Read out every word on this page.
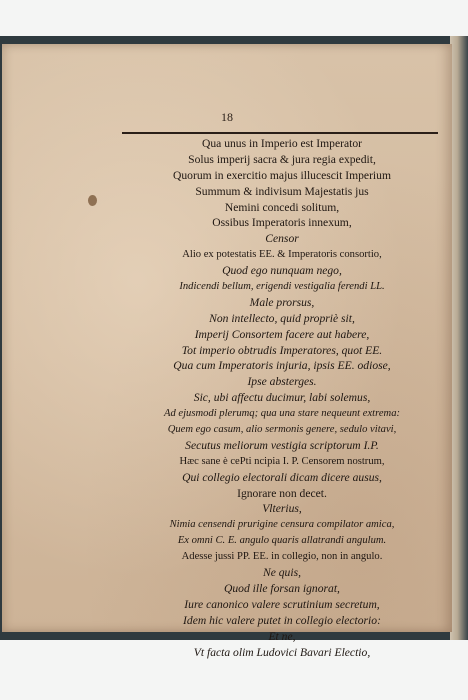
18
Qua unus in Imperio est Imperator
Solus imperij sacra & jura regia expedit,
Quorum in exercitio majus illucescit Imperium
Summum & indivisum Majestatis jus
Nemini concedi solitum,
Ossibus Imperatoris innexum,
Censor
Alio ex potestatis EE. & Imperatoris consortio,
Quod ego nunquam nego,
Indicendi bellum, erigendi vestigalia ferendi LL.
Male prorsus,
Non intellecto, quid propriè sit,
Imperij Consortem facere aut habere,
Tot imperio obtrudis Imperatores, quot EE.
Qua cum Imperatoris injuria, ipsis EE. odiose,
Ipse absterges.
Sic, ubi affectu ducimur, labi solemus,
Ad ejusmodi plerumq; qua una stare nequeunt extrema:
Quem ego casum, alio sermonis genere, sedulo vitavi,
Secutus meliorum vestigia scriptorum I.P.
Hæc sane è cePti ncipia I. P. Censorem nostrum,
Qui collegio electorali dicam dicere ausus,
Ignorare non decet.
Vlterius,
Nimia censendi prurigine censura compilator amica,
Ex omni C. E. angulo quaris allatrandi angulum.
Adesse jussi PP. EE. in collegio, non in angulo.
Ne quis,
Quod ille forsan ignorat,
Iure canonico valere scrutinium secretum,
Idem hic valere putet in collegio electorio:
Et ne,
Vt facta olim Ludovici Bavari Electio,
